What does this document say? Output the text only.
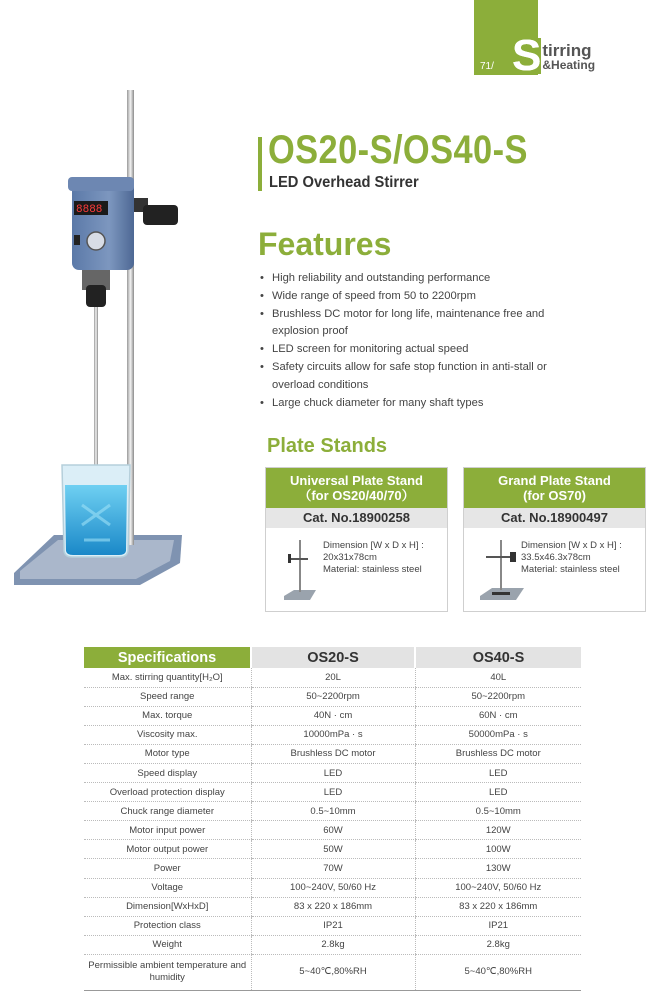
71/ S tirring
&Heating
8888
OS20-S/OS40-S
LED Overhead Stirrer
Features
• High reliability and outstanding performance
• Wide range of speed from 50 to 2200rpm
• Brushless DC motor for long life, maintenance free and explosion proof
• LED screen for monitoring actual speed
• Safety circuits allow for safe stop function in anti-stall or overload conditions
• Large chuck diameter for many shaft types
Plate Stands
Universal Plate Stand
（for OS20/40/70）
Cat. No.18900258
Dimension [W x D x H] :
20x31x78cm
Material: stainless steel
Grand Plate Stand
(for OS70)
Cat. No.18900497
Dimension [W x D x H] :
33.5x46.3x78cm
Material: stainless steel
Specifications	OS20-S	OS40-S
Max. stirring quantity[H₂O]	20L	40L
Speed range	50~2200rpm	50~2200rpm
Max. torque	40N · cm	60N · cm
Viscosity max.	10000mPa · s	50000mPa · s
Motor type	Brushless DC motor	Brushless DC motor
Speed display	LED	LED
Overload protection display	LED	LED
Chuck range diameter	0.5~10mm	0.5~10mm
Motor input power	60W	120W
Motor output power	50W	100W
Power	70W	130W
Voltage	100~240V, 50/60 Hz	100~240V, 50/60 Hz
Dimension[WxHxD]	83 x 220 x 186mm	83 x 220 x 186mm
Protection class	IP21	IP21
Weight	2.8kg	2.8kg
Permissible ambient temperature and humidity	5~40℃,80%RH	5~40℃,80%RH
